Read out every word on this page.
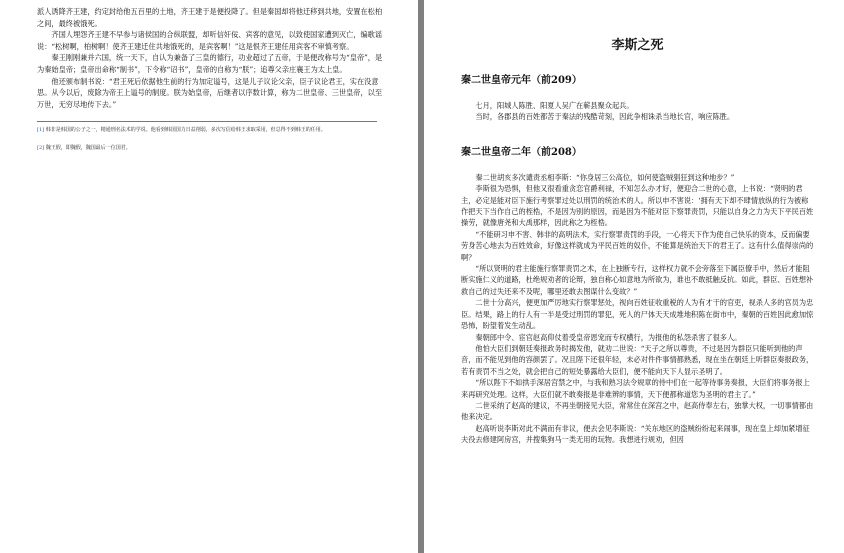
派人诱降齐王建，约定封给他五百里的土地，齐王建于是便投降了。但是秦国却将他迁移到共地，安置在松柏之间，最终被饿死。

齐国人埋怨齐王建不早参与诸侯国的合纵联盟，却听信奸佞、宾客的意见，以致使国家遭到灭亡，编歌谣说：“松树啊，柏树啊！使齐王建迁住共地饿死的，是宾客啊！”这是恨齐王建任用宾客不审慎考察。

秦王刚刚兼并六国，统一天下，自认为兼备了三皇的德行，功业超过了五帝，于是便改称号为“皇帝”，是为秦始皇帝；皇帝出命称“制书”，下令称“诏书”，皇帝的自称为“朕”；追尊父亲庄襄王为太上皇。

他还颁布制书说：“君王死后依据他生前的行为加定谥号，这是儿子议论父亲，臣子议论君王，实在没意思。从今以后，废除为帝王上谥号的制度。朕为始皇帝，后继者以序数计算，称为二世皇帝、三世皇帝，以至万世，无穷尽地传下去。”

[1] 韩非是韩国的公子之一，精通刑名法术的学说。他看到韩国国力日益削弱，多次写信给韩王求取采用，但总得不到韩王的任用。
[2] 魏王假，即魏假，魏国最后一位国君。
李斯之死
秦二世皇帝元年（前209）

七月，阳城人陈胜、阳夏人吴广在蕲县聚众起兵。

当时，各郡县的百姓都苦于秦法的残酷苛刻，因此争相诛杀当地长官，响应陈胜。

秦二世皇帝二年（前208）

秦二世胡亥多次谴责丞相李斯：“你身居三公高位，如何使盗贼猖狂到这种地步？”

李斯很为恐惧，但他又很看重贪恋官爵利禄，不知怎么办才好，便迎合二世的心意，上书说：“贤明的君主，必定是能对臣下施行考察罪过处以刑罚的统治术的人。所以申不害说：‘拥有天下却不肆情放纵的行为被称作把天下当作自己的桎梏，不是因为别的原因，而是因为不能对臣下察罪责罚，只能以自身之力为天下平民百姓操劳，就像唐尧和大禹那样，因此称之为桎梏。

“不能研习申不害、韩非的高明法术，实行察罪责罚的手段，一心将天下作为使自己快乐的资本，反而偏要劳身苦心地去为百姓效命，好像这样就成为平民百姓的奴仆，不能算是统治天下的君王了。这有什么值得崇尚的啊？

“所以贤明的君主能施行察罪责罚之术，在上独断专行，这样权力就不会旁落至下属臣僚手中，然后才能阻断实施仁义的道路，杜绝规劝者的论辩，独自称心如意地为所欲为，谁也不敢抵触反抗。如此，群臣、百姓想补救自己的过失还来不及呢，哪里还敢去图谋什么变故？”

二世十分高兴，便更加严厉地实行察罪惩处，视向百姓征收重税的人为有才干的官吏，视杀人多的官员为忠臣。结果，路上的行人有一半是受过刑罚的罪犯，死人的尸体天天成堆地积陈在街市中，秦朝的百姓因此愈加惊恐怖，盼望着发生动乱。

秦朝郎中令、宦官赵高仰仗着受皇帝恩宠而专权横行，为报他的私怨杀害了很多人。

他怕大臣们到朝廷奏报政务时揭发他，就劝二世说：“天子之所以尊贵，不过是因为群臣只能听到他的声音，而不能见到他的容颜罢了。况且陛下还很年轻，未必对件件事情都熟悉，现在坐在朝廷上听群臣奏报政务，若有责罚不当之处，就会把自己的短处暴露给大臣们，便不能向天下人显示圣明了。

“所以陛下不如拱手深居宫禁之中，与我和熟习法令规章的侍中们在一起等待事务奏报，大臣们将事务报上来再研究处理。这样，大臣们就不敢奏报是非难辨的事情，天下便都称道您为圣明的君主了。”

二世采纳了赵高的建议，不再坐朝接见大臣，常常住在深宫之中，赵高侍奉左右，独掌大权，一切事情都由他来决定。

赵高听说李斯对此不满而有非议，便去会见李斯说：“关东地区的盗贼纷纷起来闹事，现在皇上却加紧增征夫役去修建阿房宫，并搜集狗马一类无用的玩物。我想进行规劝，但因
